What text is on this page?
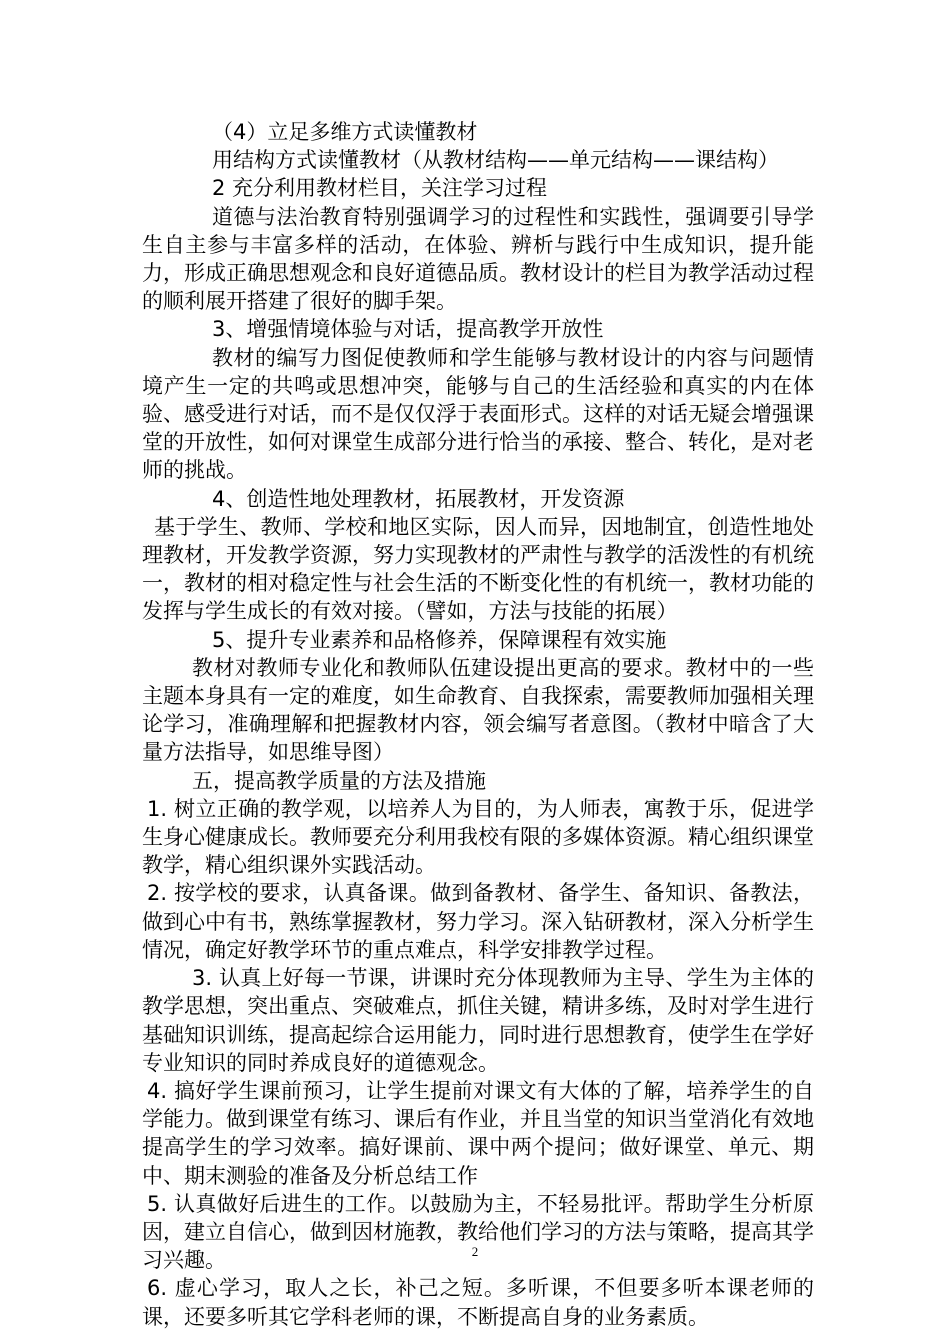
（4）立足多维方式读懂教材

用结构方式读懂教材（从教材结构——单元结构——课结构）

2 充分利用教材栏目，关注学习过程

道德与法治教育特别强调学习的过程性和实践性，强调要引导学生自主参与丰富多样的活动，在体验、辨析与践行中生成知识，提升能力，形成正确思想观念和良好道德品质。教材设计的栏目为教学活动过程的顺利展开搭建了很好的脚手架。

3、增强情境体验与对话，提高教学开放性

教材的编写力图促使教师和学生能够与教材设计的内容与问题情境产生一定的共鸣或思想冲突，能够与自己的生活经验和真实的内在体验、感受进行对话，而不是仅仅浮于表面形式。这样的对话无疑会增强课堂的开放性，如何对课堂生成部分进行恰当的承接、整合、转化，是对老师的挑战。

4、创造性地处理教材，拓展教材，开发资源

基于学生、教师、学校和地区实际，因人而异，因地制宜，创造性地处理教材，开发教学资源，努力实现教材的严肃性与教学的活泼性的有机统一，教材的相对稳定性与社会生活的不断变化性的有机统一，教材功能的发挥与学生成长的有效对接。（譬如，方法与技能的拓展）

5、提升专业素养和品格修养，保障课程有效实施

教材对教师专业化和教师队伍建设提出更高的要求。教材中的一些主题本身具有一定的难度，如生命教育、自我探索，需要教师加强相关理论学习，准确理解和把握教材内容，领会编写者意图。（教材中暗含了大量方法指导，如思维导图）

五，提高教学质量的方法及措施

1. 树立正确的教学观，以培养人为目的，为人师表，寓教于乐，促进学生身心健康成长。教师要充分利用我校有限的多媒体资源。精心组织课堂教学，精心组织课外实践活动。

2. 按学校的要求，认真备课。做到备教材、备学生、备知识、备教法，做到心中有书，熟练掌握教材，努力学习。深入钻研教材，深入分析学生情况，确定好教学环节的重点难点，科学安排教学过程。

3. 认真上好每一节课，讲课时充分体现教师为主导、学生为主体的教学思想，突出重点、突破难点，抓住关键，精讲多练，及时对学生进行基础知识训练，提高起综合运用能力，同时进行思想教育，使学生在学好专业知识的同时养成良好的道德观念。

4. 搞好学生课前预习，让学生提前对课文有大体的了解，培养学生的自学能力。做到课堂有练习、课后有作业，并且当堂的知识当堂消化有效地提高学生的学习效率。搞好课前、课中两个提问；做好课堂、单元、期中、期末测验的准备及分析总结工作

5. 认真做好后进生的工作。以鼓励为主，不轻易批评。帮助学生分析原因，建立自信心，做到因材施教，教给他们学习的方法与策略，提高其学习兴趣。

6. 虚心学习，取人之长，补己之短。多听课，不但要多听本课老师的课，还要多听其它学科老师的课，不断提高自身的业务素质。

2
